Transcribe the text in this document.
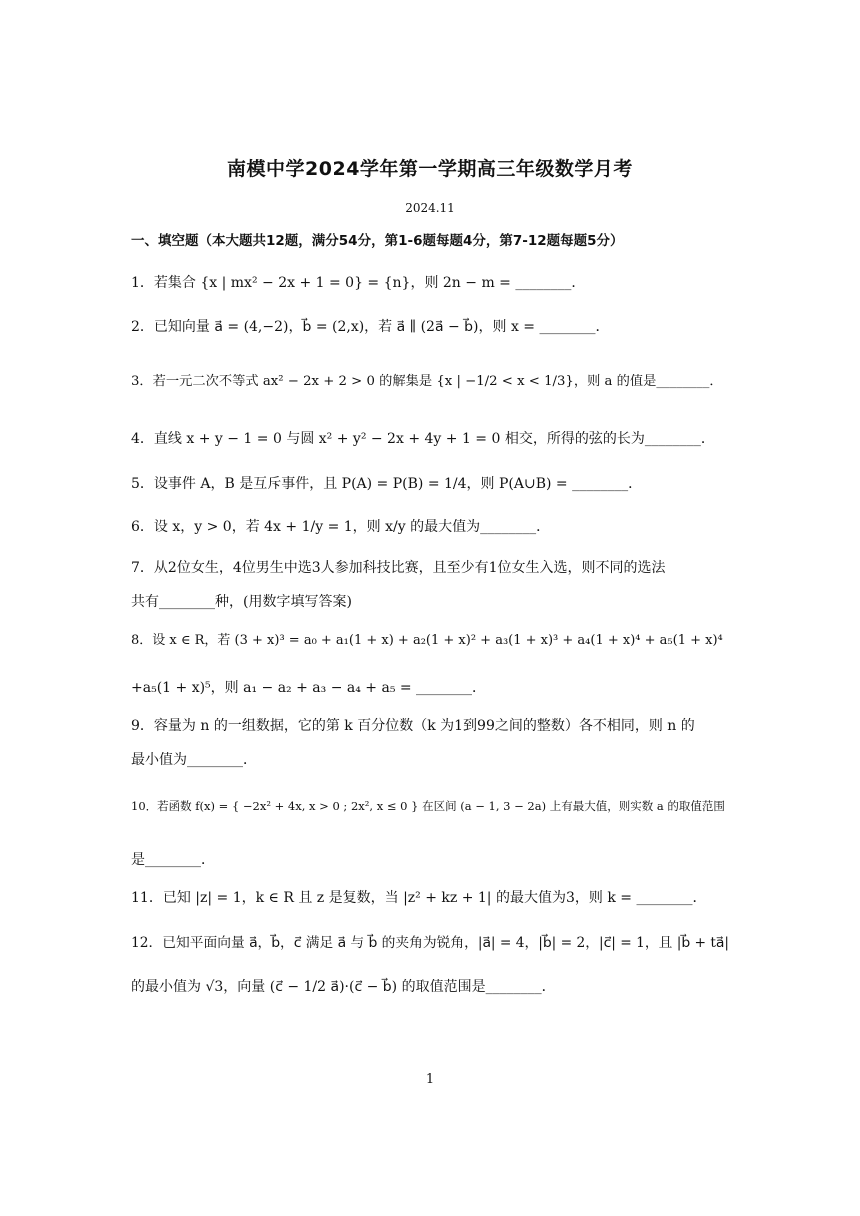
南模中学2024学年第一学期高三年级数学月考
2024.11
一、填空题（本大题共12题，满分54分，第1-6题每题4分，第7-12题每题5分）
1．若集合 {x | mx² − 2x + 1 = 0} = {n}，则 2n − m = ________．
2．已知向量 a⃗ = (4,−2)，b⃗ = (2,x)，若 a⃗ ∥ (2a⃗ − b⃗)，则 x = ________．
3．若一元二次不等式 ax² − 2x + 2 > 0 的解集是 {x | −1/2 < x < 1/3}，则 a 的值是________．
4．直线 x + y − 1 = 0 与圆 x² + y² − 2x + 4y + 1 = 0 相交，所得的弦的长为________．
5．设事件 A，B 是互斥事件，且 P(A) = P(B) = 1/4，则 P(A∪B) = ________．
6．设 x，y > 0，若 4x + 1/y = 1，则 x/y 的最大值为________．
7．从2位女生，4位男生中选3人参加科技比赛，且至少有1位女生入选，则不同的选法
共有________种，(用数字填写答案)
8．设 x ∈ R，若 (3 + x)³ = a₀ + a₁(1 + x) + a₂(1 + x)² + a₃(1 + x)³ + a₄(1 + x)⁴ + a₅(1 + x)⁴
+a₅(1 + x)⁵，则 a₁ − a₂ + a₃ − a₄ + a₅ = ________．
9．容量为 n 的一组数据，它的第 k 百分位数（k 为1到99之间的整数）各不相同，则 n 的
最小值为________．
10．若函数 f(x) = { −2x² + 4x, x > 0 ; 2x², x ≤ 0 } 在区间 (a − 1, 3 − 2a) 上有最大值，则实数 a 的取值范围
是________．
11．已知 |z| = 1，k ∈ R 且 z 是复数，当 |z² + kz + 1| 的最大值为3，则 k = ________．
12．已知平面向量 a⃗，b⃗，c⃗ 满足 a⃗ 与 b⃗ 的夹角为锐角，|a⃗| = 4，|b⃗| = 2，|c⃗| = 1，且 |b⃗ + ta⃗|
的最小值为 √3，向量 (c⃗ − 1/2 a⃗)·(c⃗ − b⃗) 的取值范围是________．
1
